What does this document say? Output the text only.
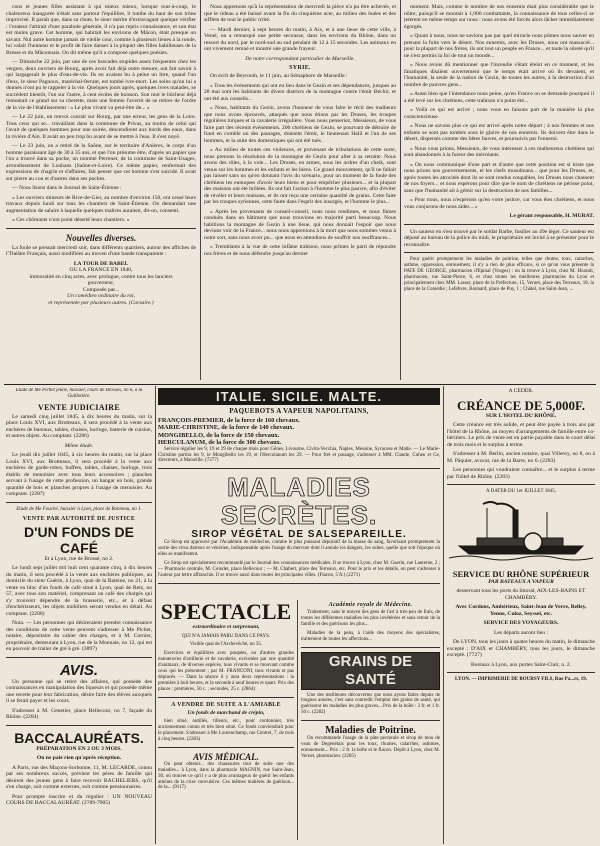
cons et jeunes filles assistant à qui mieux mieux, lorsque tout-à-coup, le chaleureux inaugurée n'était sans partout l'équilibre, il tombe du haut de son trône improvisé. Il paraît que, dans sa chute, le sieur mérite d'extravagant quelque vérifier : l'orateur l'attirait d'une parabole générale, il n'a pas repris connaissance, et son état est moins grave. Cet homme, qui habitait les environs de Mâcon, était presque un savant. Nul autre homme jamais de vieille cour, comme à plusieurs lieues à la ronde, lui valait l'honneur et le profit de faire danser à la plupart des filles habilleuses de la Bresse et du Mâconnais. On dit même qu'il a composé quelques poésies.

— Dimanche 22 juin, par une de ces bravades stupides assez fréquentes chez les vergers, deux ouvriers de Bourg, après avoir fait déjà outre mesure, ont fait savoir à qui largagerait le plus d'eau-de-vie. Ils en avaient bu à peine un litre, quand l'un d'eux, le sieur Pagnoux, maréchal-ferrant, est tombé ivre-mort. Les soins qu'on lui a donnés n'ont pu le rappeler à la vie. Quelques jours après, quelques ivres malades, se succèdent bientôt, l'un sur l'autre, à cent écoles de boisson. Son mot le bûcheur déjà remontait ce grand sur sa cherette, mais une femme l'avertit de se retirer de l'ordre de la vie de l'établissement : « Le plus vivant va peut-être de... »

— Le 22 juin, un renvoi courait sur Bourg, par une erreur, les gens de la Loire. Tous ceux qui se... travaillant dans la commune de Privas, au moins de celui qui l'avait de quelques hommes pour une soirée, descendirent aux bords des eaux, dans la rivière d'Ain. Il avait un peu trop bu avant de se mettre à l'eau. Il s'est noyé.

— Le 23 juin, on a retiré de la Saône, sur le territoire d'Anières, le corps d'un homme paraissant âgé de 30 à 35 ans, et que l'on présume être, d'après un papier que l'on a trouvé dans sa poche, un nommé Perrenet, de la commune de Saint-Usages, arrondissement de Louhans (Saône-et-Loire). Ce même papier, renfermait des expressions de chagrin et d'affaires, fait penser que cet homme s'est suicidé. Il avait sur pierre au cou et d'autres dans ses poches.

— Nous lisons dans le Journal de Saint-Étienne :

« Les ouvriers mineurs de Rive-de-Gier, au nombre d'environ 150, ont cessé leurs travaux depuis lundi sur tous les chantiers de Saint-Étienne. On demandait une augmentation de salaire à laquelle quelques maîtres auraient, dit-on, consenti.

« Ces chômants n'ont point déserté leurs chantiers. »

Nouvelles diverses.

La foule se pressait mercredi soir, dans différents quartiers, autour des affiches de l'Théâtre Français, aussi modifiées au moven d'une bande transparente :

LA TOUR DE BABEL

OU LA FRANCE EN 1840,

immoralité en cinq actes, avec prologue, contre tous les lanciers

gouverneur,

Composée par...

Un comédien ordinaire du roi,

et représentée par plusieurs autres. (Corsaire.)

Nous apprenons qu'à la représentation de mercredi la pièce n'a pu être achevée, et que le rideau a été baissé avant la fin du cinquième acte, au milieu des huées et des sifflets de tout le public irrité.

— Mardi dernier, à sept heures du matin, à Aix, et à une lieue de cette ville, à Venel, on a remarqué une petite secousse, dans les environs du Rhône, dans un ressort du nord, par le nord-sud au sud pendant de 12 à 15 secondes. Les animaux en ont vivement remué et montré une grande frayeur.

De notre correspondant particulier de Marseille.

SYRIE.

On écrit de Beyrouth, le 11 juin, au Sémaphore de Marseille :

« Tous les événements qui ont eu lieu dans le Gezin et ses dépendances, jusques au 28 mai sont les habitants de divers districts de la montagne contre l'émir Béchir, et ont été aux conseils...

« Nous, habitants du Gezin, avons l'honneur de vous faire le récit des malheurs que nous avons éprouvés, attaqués que nous étions par les Druses, les troupes régulières turques et la cavalerie irrégulière. Vous nous penseriez, Messieurs, de vous faire part des récents événements. 200 chrétiens de Gezin, se pourvant de détruire de fond en comble un des passages, donnent l'émir, le lieutenant Halil et l'un de ses hommes, et la suite des domestiques qui ont été tués.

« Au milieu de toutes ces violences, et provenant de tribulations de cette sorte, nous prenons la résolution de la montagne de Gezin pour aller à sa retraite. Nous avons des rôles, à la voie... Les Druses, en armes, sous les ordres d'un cheik, sont venus sur les hommes et les enfants et les biens. Ce grand mouvement, qu'il ne fallait pas laisser sans un qu'en donnant l'avis du scénario, pour un moment de la foule des chrétiens les eunuques d'avoir leurs biens et pour empêcher plusieurs... et la plupart des maisons ont été brûlées. Ils ont fait l'action à l'homme le plus pauvre, afin d'éviter de révéler et leurs maisons, et ils ont reçu une certaine quantité de grains. Cette faite par les troupes syriennes, cette faute dans l'esprit des insurgés, et l'homme le plus...

« Après les provenants de conseil-conseil, nous nous rendimes, et nous fûmes conduits dans un bâtiment que nous trouvions en majorité parti beaucoup. Nous habitions la montagne de Gezin à une lieue, qui nous donnait l'espoir que nous devions voir de la France... nous nous apprenions à la mort que nous sommes venus à notre sort, sans nous avoir pu... que nous en attendions de souffrir nos souffrances...

« Tremblants à la vue de cette infâme trahison, nous prîmes le parti de répondre nos frères et de nous défendre jusqu'au dernier

moment. Mais, comme le nombre de nos ennemis était plus considérable que le nôtre, puisqu'il se montait à 1,000 combattants, la connaissance de tous celles-ci se jetèrent en même temps sur nous : nous avons été forcés alors lâcher immédiatement égorgés.

« Quant à nous, nous ne savions pas par quel miracle nous pûmes nous sauver en prenant la fuite vers le désert. Nos ennemis, avec les Druses, nous ont massacré... pour la plupart de nos frères, ils ont tout un peuple en France... et toute la sûreté qu'il ne s'est permis la foi de tout un monde...

« Nous avons dû mentionner que l'incendie s'était éteint en ce moment, et les fanatiques disaient ouvertement que le temps était arrivé où ils devaient, et l'humanité, la seule de la nation de Gezin, de toutes les autres, à la destruction d'un nombre de pauvres gens...

« Aussi bien que l'intendance nous peine, qu'en France on se demande pourquoi il a été levé sur les chrétiens, cette trahison n'a point été...

« Voilà ce qui est arrivé ; nous vous en faisons part de la manière la plus consciencieuse.

« Nous ne savons plus ce qui est arrivé après notre départ ; à nos femmes et nos enfants se sont pas tombés sous le glaive de nos ennemis. Ils doivent être dans le désert, dispersés comme des bêtes fauves, et poursuivis par l'ennemi.

« Nous vous prions, Messieurs, de vous intéresser à ces malheureux chrétiens qui sont abandonnés à la fureur des mécréants.

« On nous communique d'une part et d'autre que cette position est si triste que nous prions nos gouvernements, et les chefs musulmans... que pour les Druses, et, après toutes les atrocités dont ils se sont rendus coupables, les Druses nous chassent de nos foyers... et nous espérons pour dire que le nom de chrétiens ne périsse point, sans que l'humanité ait à gémir sur la destruction de nos familles...

« Pour nous, nous n'espérons qu'en votre justice, car vous êtes chrétiens, et nous vous conjurons de nous aider... »

Le gérant responsable, H. MURAT.

Un sauteur en s'est trouvé par le soldat Barbe, fusilier au 49e léger. Ce sauteur est déposé au bureau de la police du midi, le propriétaire est invité à se présenter pour le reconnaître.

Pour guérir promptement les maladies de poitrine, telles que rhume, toux, catarrhes, asthme, oppression, enrouement, il n'y a rien de plus efficace, si ce qu'on vous présente la PATE DE GEORGE, pharmacien d'Epinal (Vosges) : on la trouve à Lyon, chez M. Hurault, pharmacien, rue Saint-Pierre, 6, et chez toutes les meilleures pharmacies du Lyon et principalement chez MM. Lasser, place de la Préfecture, 15, Vernet, place des Terreaux, 18, la place de la Comédie ; Lefebvre, Bonnard, place de Puy, 1 ; Châtel, rue Saint-Jean, ...

Etude de Me Pichet jeune, huissier, cours de Brosses, no 6, à la Guillotière.

VENTE JUDICIAIRE

Le samedi cinq juillet 1845, à dix heures du matin, sur la place Louis XVI, aux Brotteaux, il sera procédé à la vente aux enchères de bureaux, tables, chaises, horloge, batterie de cuisine, et autres objets. Au comptant. (2286)

Même étude.

Le jeudi dix juillet 1845, à six heures du matin, sur la place Louis XVI, aux Brotteaux, il sera procédé à la vente aux enchères de garde-robes, buffets, tables, chaises, horloge, trois établis de menuisier avec tous leurs accessoires ; planches servant à l'usage de cette profession, un hangar en bois, grande quantité de bois et planches propres à l'usage de menuisier. Au comptant. (2287)

Etude de Me Fouché, huissier à Lyon, place de Bonneau, no 1.

VENTE PAR AUTORITÉ DE JUSTICE
D'UN FONDS DE CAFÉ

Et à Lyon, rue de Brossé, no 2.

Le lundi sept juillet mil huit cent quarante cinq, à dix heures du matin, il sera procédé à la vente aux enchères publiques, au domicile du sieur Guérin, à Lyon, quai de la Baleine, no 21, à la vente en bloc d'un fonds de café situé à Lyon, quai de Retz, no 57, avec tous son matériel, comprenant un café des chargés qui s'y trouvent dépendre de la brasserie, etc., et à défaut d'enchérisseurs, les objets mobiliers seront vendus en détail. Au comptant. (2288)

Nota. — Les personnes qui désireraient prendre connaissance des conditions de cette vente peuvent s'adresser à Me Pichet, notaire, dépositaire du cahier des charges, et à M. Cornier, propriétaire, demeurant à Lyon, rue de la Monnaie, no 12, qui est en pouvoir de traiter de gré à gré. (3897)

AVIS.

Un personne qui se retire des affaires, qui possède des connaissances en manipulation des liqueurs et qui possède même une recette pour leur fabrication, désire faire des élèves auxquels il se ferait payer et les cours.

S'adresser à M. Genetier, place Bellecour, no 7, façade du Rhône. (2284)

BACCALAURÉATS.

PRÉPARATION EN 2 OU 3 MOIS.

On ne paie rien qu'après réception.

A Paris, rue des Maçons-Sorbonne, 11, M. LECARDE, connu par ses nombreux succès, prévient les pères de famille qui désirent des jeunes gens à faire recevoir BACHELIERS, qu'il s'en charge, soit comme externes, soit comme pensionnaires.

Pour prompte inscrire et du régulier : UN NOUVEAU COURS DE BACCALAURÉAT. (2789-7905)

ITALIE. SICILE. MALTE.
PAQUEBOTS A VAPEUR NAPOLITAINS,

FRANÇOIS-PREMIER, de la force de 160 chevaux.

MARIE-CHRISTINE, de la force de 140 chevaux.

MONGIBELLO, de la force de 150 chevaux.

HERCULANUM, de la force de 300 chevaux.

Service régulier les 9, 19 et 29 de chaque mois pour Gênes, Livourne, Civita-Vecchia, Naples, Messine, Syracuse et Malte. — Le Marie-Christine partira les 9, le Mongibello les 19, et l'Herculanum les 29. — Pour fret et passage, s'adresser à MM. Claude, Cohen et Ce, directeurs, à Marseille. (7277)

MALADIES SECRÈTES.
SIROP VÉGÉTAL DE SALSEPAREILLE.

Ce Sirop est approuvé par l'Académie de médecine, comme le plus puissant dépuratif de la masse du sang, favorisant promptement la sortie des virus darteux et vénérien, indispensable après l'usage du mercure dont il annule les dangers, les suites, quelle que soit l'époque où elles se manifestent.

Ce Sirop est spécialement recommandé par le Journal des connaissances médicales. Il se trouve à Lyon, chez M. Guerin, rue Lanterne, 2 ; — Pharmacie centrale, M. Coindet, place Bellecour ; — M. Chabert, place des Terreaux, etc. Pour le prix et les détails, on peut s'adresser à l'auteur par lettre affranchie. Il se trouve aussi dans toutes les principales villes. (Flacon, 5 fr.) (2271)

SPECTACLE

extraordinaire et surprenant,

QUI N'A JAMAIS PARU DANS CE PAYS.

Visible quai de l'Archevêché, no 35.

Exercices et équilibres avec poupées, ou d'autres grandes manœuvres d'artillerie et de cavalerie, exécutées par une quantité d'animaux, de diverses espèces, tous vivants et se mouvant comme ceux qui les présentent ; par M. FRANCONI, tous vivants et pas déplacés. — Dans la séance il y aura deux représentations : la première à huit heures, et la seconde à neuf heures et quart. Prix des places : premières, 50 c. ; secondes, 25 c. (2864)

A VENDRE DE SUITE A L'AMIABLE

Un fonds de marchand de crépin,

bien situé, outillés, tilleurs, etc., pour cordonnier, très anciennement connu et très bien situé. Ce fonds conviendrait pour le placement. S'adresser à Me Lourenchamp, rue Centrel, 7, de trois à cinq heures. (2283)

AVIS MÉDICAL.

On peut obtenir... des chaussures tout de suite une des maladies... à Lyon, dans la pharmacie MAGNIN, rue Saint-Jean, 30, où trouver ce qu'il y a de plus avantageux de guérir les enfants atteints de la crise convulsive. Ces mêmes matières de guérison... de la... (9117)

Académie royale de Médecine.

Traitement, sans le moyen des gens de l'art à très-peu de frais, de toutes les différentes maladies les plus invétérées et sans retour de la famille et des guérisons les plus...

Maladies de la peau, à l'aide des moyens des spécialistes, traitement de toutes les affections...

GRAINS DE SANTÉ

Une des meilleures découvertes que nous ayons faites depuis de longues années, c'est sans contredit l'emploi des grains de santé, qui guérissent les maladies les plus graves... Prix de la boîte : 3 fr. et 1 fr. 50 c. (2282)

Maladies de Poitrine.

On recommande l'usage de la pâte pectorale et sirop de mou de veau de Degenétais pour les toux, rhumes, catarrhes, asthmes, enrouement... Prix : 2 fr. la boîte et le flacon. Dépôt à Lyon, chez M. Vernet, pharmacien. (2285)

A CÉDER.

CRÉANCE DE 5,000F.

SUR L'HOTEL DU RHÔNE.

Cette créance est très solide, et peut être payée à trois ans par l'hôtel de la Rhône, au moyen d'arrangements de famille entre co-héritiers. Le prix de vente est en partie payable dans le court délai de trois mois et le surplus à terme.

S'adresser à M. Berlin, ancien notaire, quai Villeroy, no 8, ou à M. Pâquier, avocat, rue de la Barre, no 6. (2283)

Les personnes qui voudraient connaître... et le surplus à terme par l'hôtel de Rhône. (2283)

A DATER DU 1er JUILLET 1845,

SERVICE DU RHÔNE SUPÉRIEUR

PAR BATEAUX A VAPEUR

desservant tous les ports du littoral, AIX-LES-BAINS ET CHAMBÉRY.

Avec Cordons, Ambérieux, Saint-Jean de Verre, Belley, Yenne, Culoz, Seyssel, etc.

SERVICE DES VOYAGEURS.

Les départs auront lieu :

De LYON, tous les jours à quatre heures du matin, le dimanche excepté ; D'AIX et CHAMBÉRY, tous les jours, le dimanche excepté. (7727)

Bureaux à Lyon, aux portes Saint-Clair, n. 2.

LYON. — IMPRIMERIE DE BOURSY FILS, Rue Pa...rs, 19.
